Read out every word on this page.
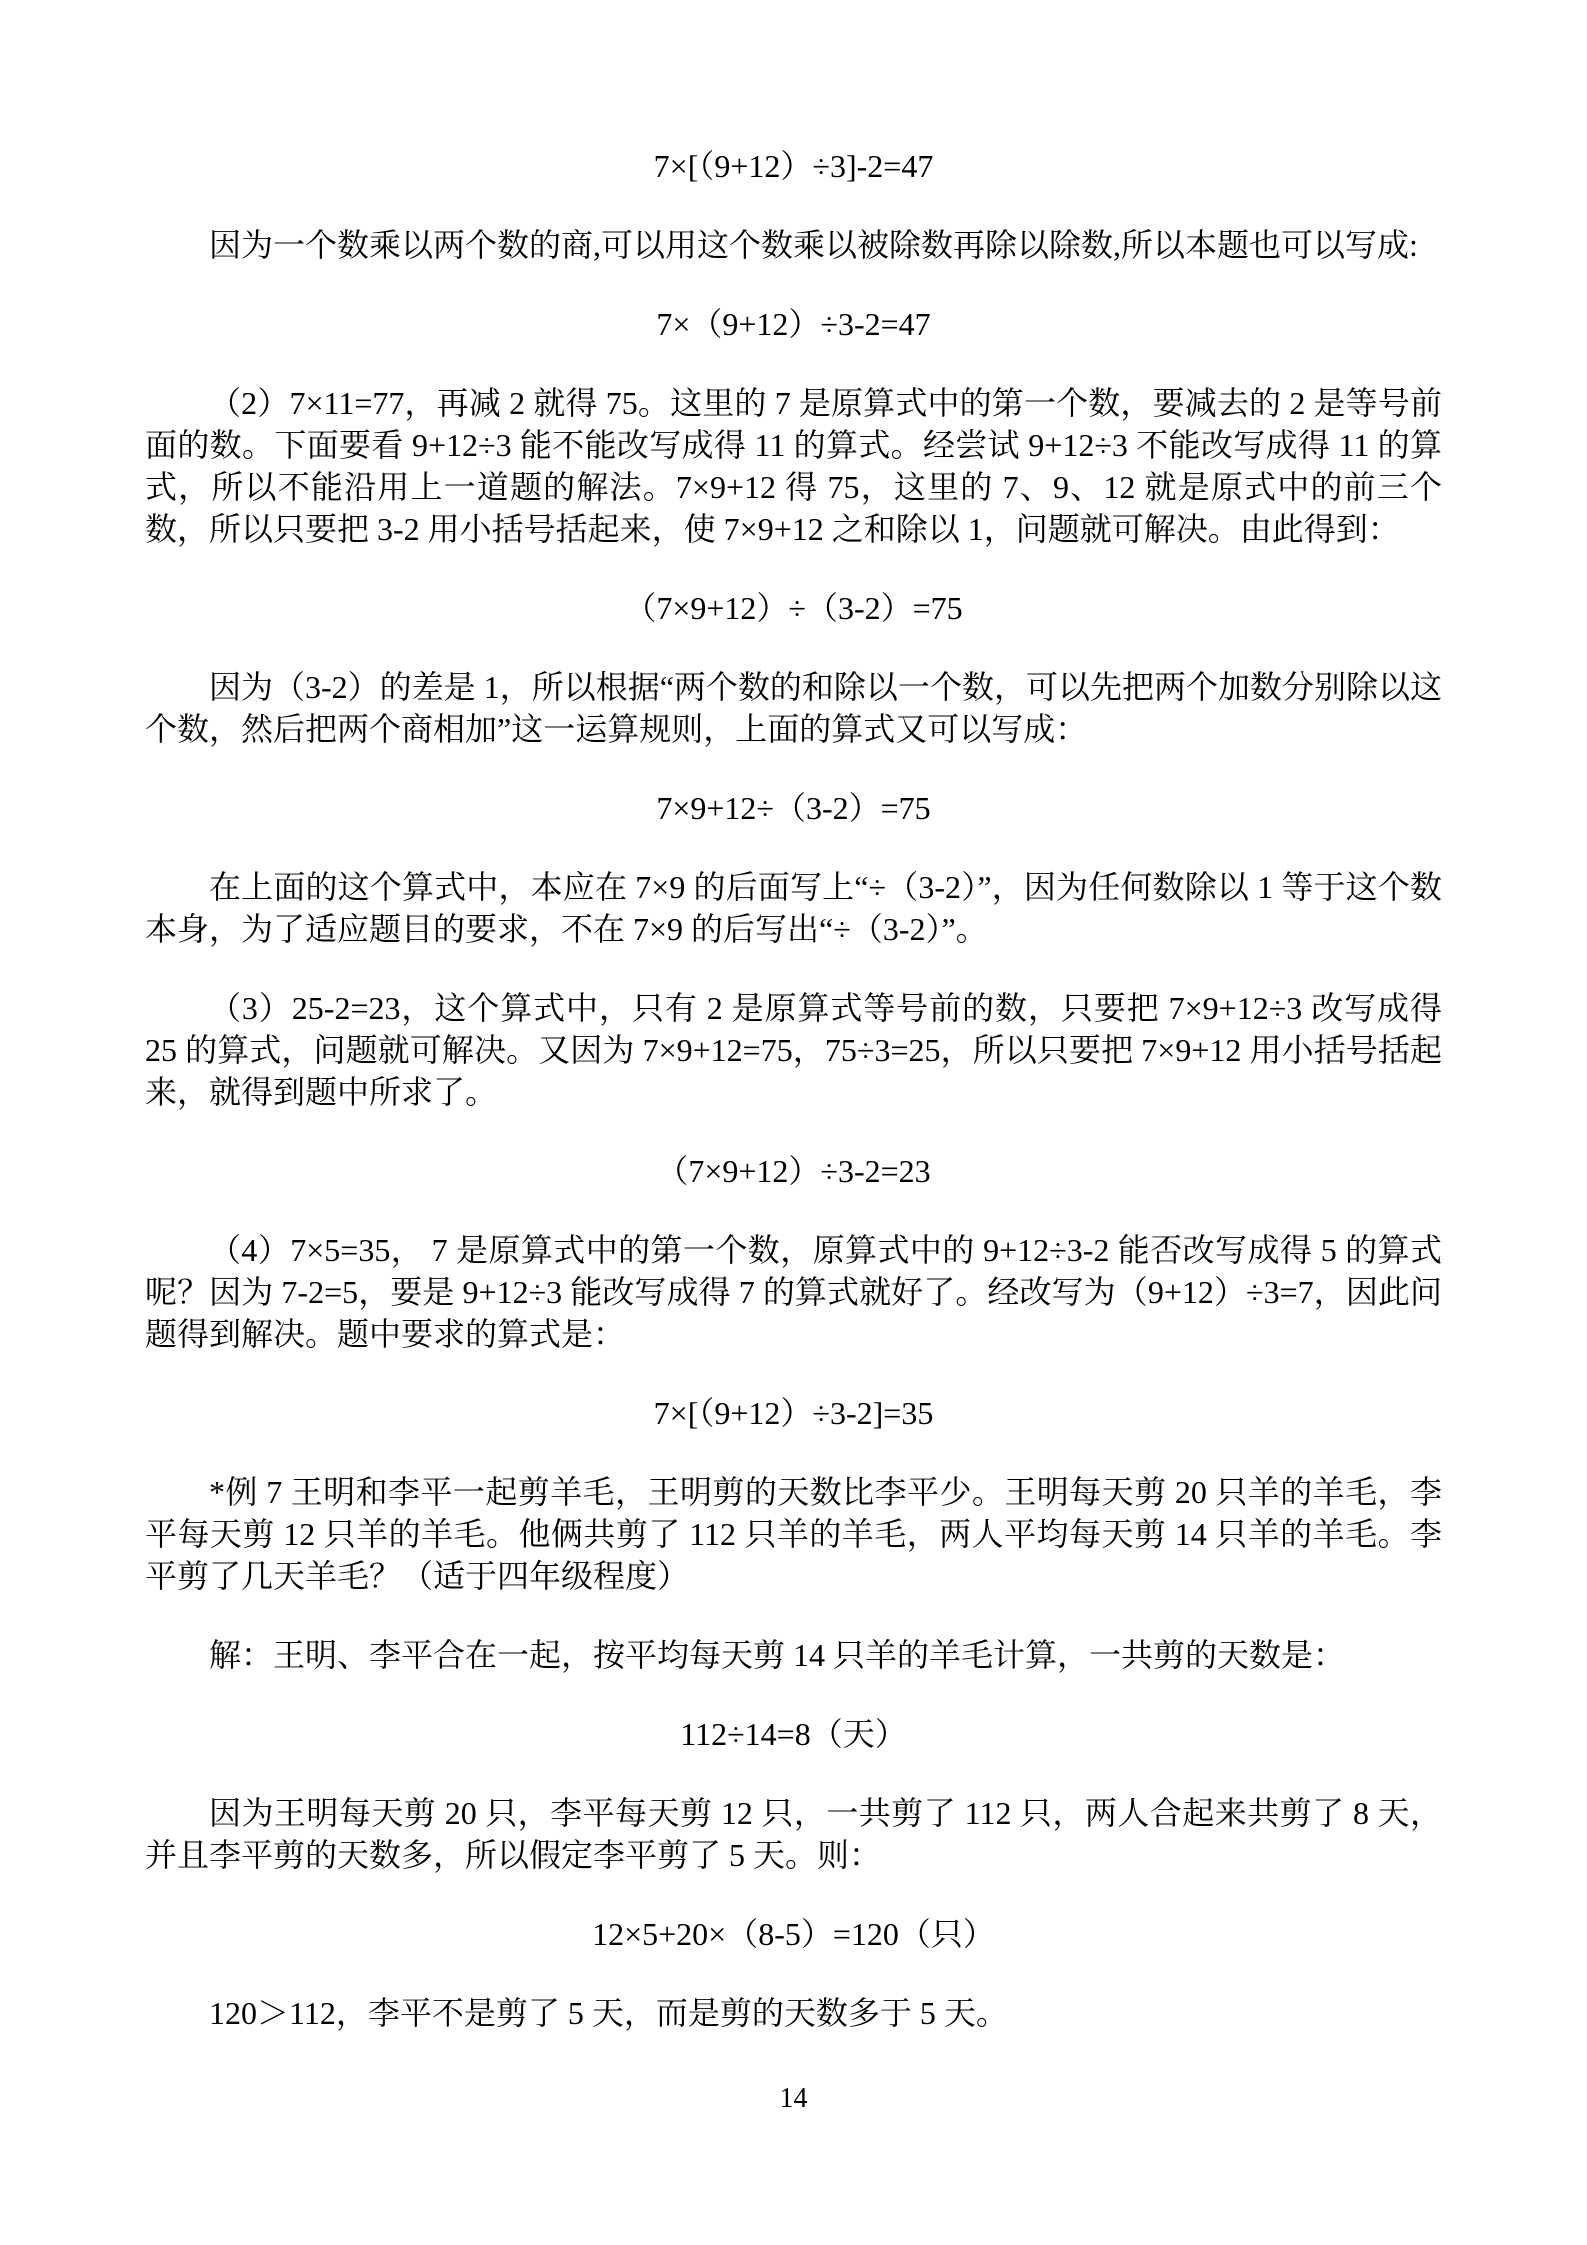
7×[（9+12）÷3]-2=47

因为一个数乘以两个数的商,可以用这个数乘以被除数再除以除数,所以本题也可以写成:

7×（9+12）÷3-2=47

（2）7×11=77，再减 2 就得 75。这里的 7 是原算式中的第一个数，要减去的 2 是等号前面的数。下面要看 9+12÷3 能不能改写成得 11 的算式。经尝试 9+12÷3 不能改写成得 11 的算式，所以不能沿用上一道题的解法。7×9+12 得 75，这里的 7、9、12 就是原式中的前三个数，所以只要把 3-2 用小括号括起来，使 7×9+12 之和除以 1，问题就可解决。由此得到：

（7×9+12）÷（3-2）=75

因为（3-2）的差是 1，所以根据“两个数的和除以一个数，可以先把两个加数分别除以这个数，然后把两个商相加”这一运算规则，上面的算式又可以写成：

7×9+12÷（3-2）=75

在上面的这个算式中，本应在 7×9 的后面写上“÷（3-2）”，因为任何数除以 1 等于这个数本身，为了适应题目的要求，不在 7×9 的后写出“÷（3-2）”。

（3）25-2=23，这个算式中，只有 2 是原算式等号前的数，只要把 7×9+12÷3 改写成得 25 的算式，问题就可解决。又因为 7×9+12=75，75÷3=25，所以只要把 7×9+12 用小括号括起来，就得到题中所求了。

（7×9+12）÷3-2=23

（4）7×5=35， 7 是原算式中的第一个数，原算式中的 9+12÷3-2 能否改写成得 5 的算式呢？因为 7-2=5，要是 9+12÷3 能改写成得 7 的算式就好了。经改写为（9+12）÷3=7，因此问题得到解决。题中要求的算式是：

7×[（9+12）÷3-2]=35

*例 7 王明和李平一起剪羊毛，王明剪的天数比李平少。王明每天剪 20 只羊的羊毛，李平每天剪 12 只羊的羊毛。他俩共剪了 112 只羊的羊毛，两人平均每天剪 14 只羊的羊毛。李平剪了几天羊毛？（适于四年级程度）

解：王明、李平合在一起，按平均每天剪 14 只羊的羊毛计算，一共剪的天数是：

112÷14=8（天）

因为王明每天剪 20 只，李平每天剪 12 只，一共剪了 112 只，两人合起来共剪了 8 天，并且李平剪的天数多，所以假定李平剪了 5 天。则：

12×5+20×（8-5）=120（只）

120＞112，李平不是剪了 5 天，而是剪的天数多于 5 天。

14
